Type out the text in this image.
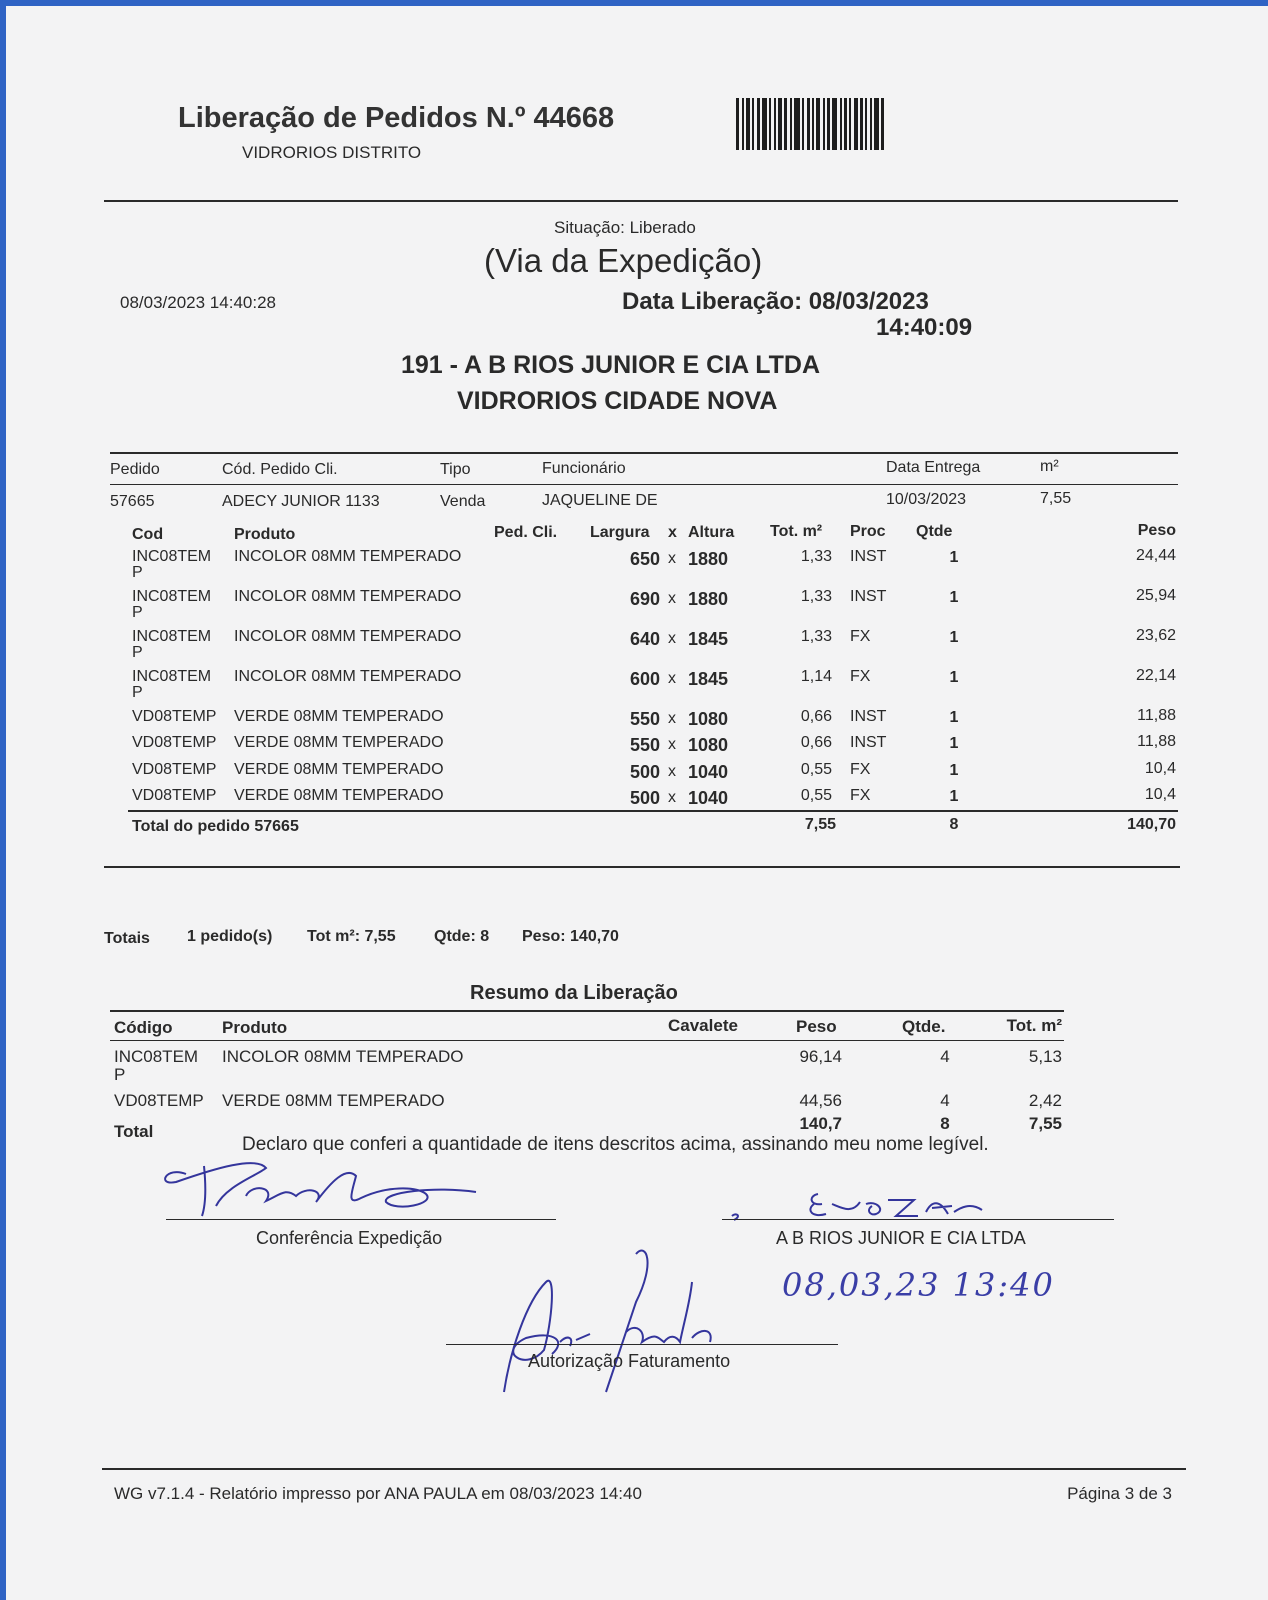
Liberação de Pedidos N.º 44668
VIDRORIOS DISTRITO
Situação: Liberado
(Via da Expedição)
08/03/2023 14:40:28	Data Liberação: 08/03/2023
14:40:09
191 - A B RIOS JUNIOR E CIA LTDA
VIDRORIOS CIDADE NOVA
Pedido	Cód. Pedido Cli.	Tipo	Funcionário	Data Entrega	m²
57665	ADECY JUNIOR 1133	Venda	JAQUELINE DE	10/03/2023	7,55
Cod	Produto	Ped. Cli. Largura x Altura Tot. m² Proc Qtde	Peso
INC08TEM
P
INCOLOR 08MM TEMPERADO	650 x 1880	1,33 INST	1	24,44
INC08TEM
P
INCOLOR 08MM TEMPERADO	690 x 1880	1,33 INST	1	25,94
INC08TEM
P
INCOLOR 08MM TEMPERADO	640 x 1845	1,33 FX	1	23,62
INC08TEM
P
INCOLOR 08MM TEMPERADO	600 x 1845	1,14 FX	1	22,14
VD08TEMP VERDE 08MM TEMPERADO	550 x 1080	0,66 INST	1	11,88
VD08TEMP VERDE 08MM TEMPERADO	550 x 1080	0,66 INST	1	11,88
VD08TEMP VERDE 08MM TEMPERADO	500 x 1040	0,55 FX	1	10,4
VD08TEMP VERDE 08MM TEMPERADO	500 x 1040	0,55 FX	1	10,4
Total do pedido 57665	7,55	8	140,70
Totais 1 pedido(s) Tot m²: 7,55 Qtde: 8 Peso: 140,70
Resumo da Liberação
Código	Produto	Cavalete	Peso	Qtde.	Tot. m²
INC08TEM
P
INCOLOR 08MM TEMPERADO	96,14	4	5,13
VD08TEMP VERDE 08MM TEMPERADO	44,56	4	2,42
Total	140,7	8	7,55
Declaro que conferi a quantidade de itens descritos acima, assinando meu nome legível.
Conferência Expedição	A B RIOS JUNIOR E CIA LTDA
08,03,23 13:40
Autorização Faturamento
WG v7.1.4 - Relatório impresso por ANA PAULA em 08/03/2023 14:40	Página 3 de 3
